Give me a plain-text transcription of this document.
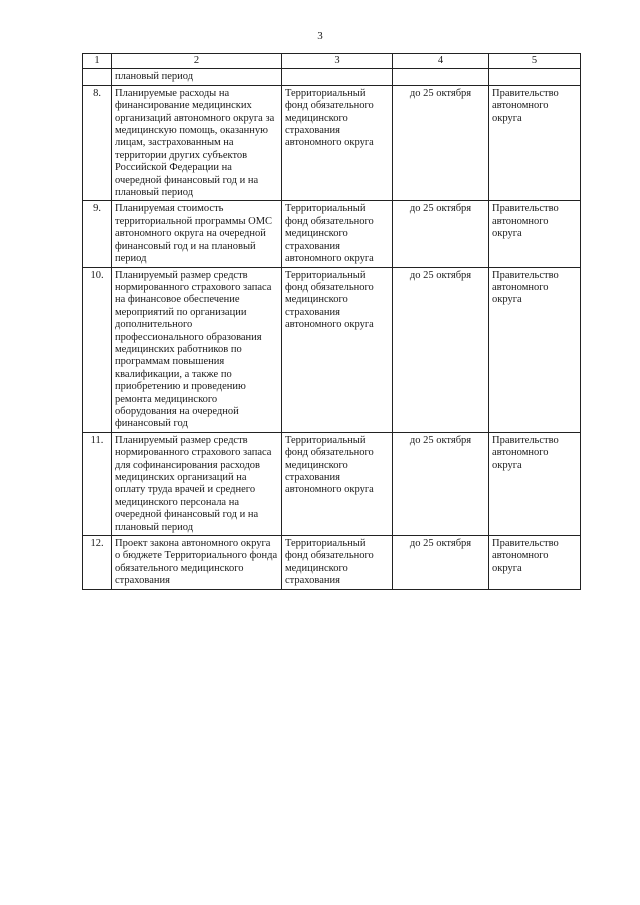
3
1	2	3	4	5
	плановый период			
8.	Планируемые расходы на финансирование медицинских организаций автономного округа за медицинскую помощь, оказанную лицам, застрахованным на территории других субъектов Российской Федерации на очередной финансовый год и на плановый период	Территориальный фонд обязательного медицинского страхования автономного округа	до 25 октября	Правительство автономного округа
9.	Планируемая стоимость территориальной программы ОМС автономного округа на очередной финансовый год и на плановый период	Территориальный фонд обязательного медицинского страхования автономного округа	до 25 октября	Правительство автономного округа
10.	Планируемый размер средств нормированного страхового запаса на финансовое обеспечение мероприятий по организации дополнительного профессионального образования медицинских работников по программам повышения квалификации, а также по приобретению и проведению ремонта медицинского оборудования на очередной финансовый год	Территориальный фонд обязательного медицинского страхования автономного округа	до 25 октября	Правительство автономного округа
11.	Планируемый размер средств нормированного страхового запаса для софинансирования расходов медицинских организаций на оплату труда врачей и среднего медицинского персонала на очередной финансовый год и на плановый период	Территориальный фонд обязательного медицинского страхования автономного округа	до 25 октября	Правительство автономного округа
12.	Проект закона автономного округа о бюджете Территориального фонда обязательного медицинского страхования	Территориальный фонд обязательного медицинского страхования	до 25 октября	Правительство автономного округа
